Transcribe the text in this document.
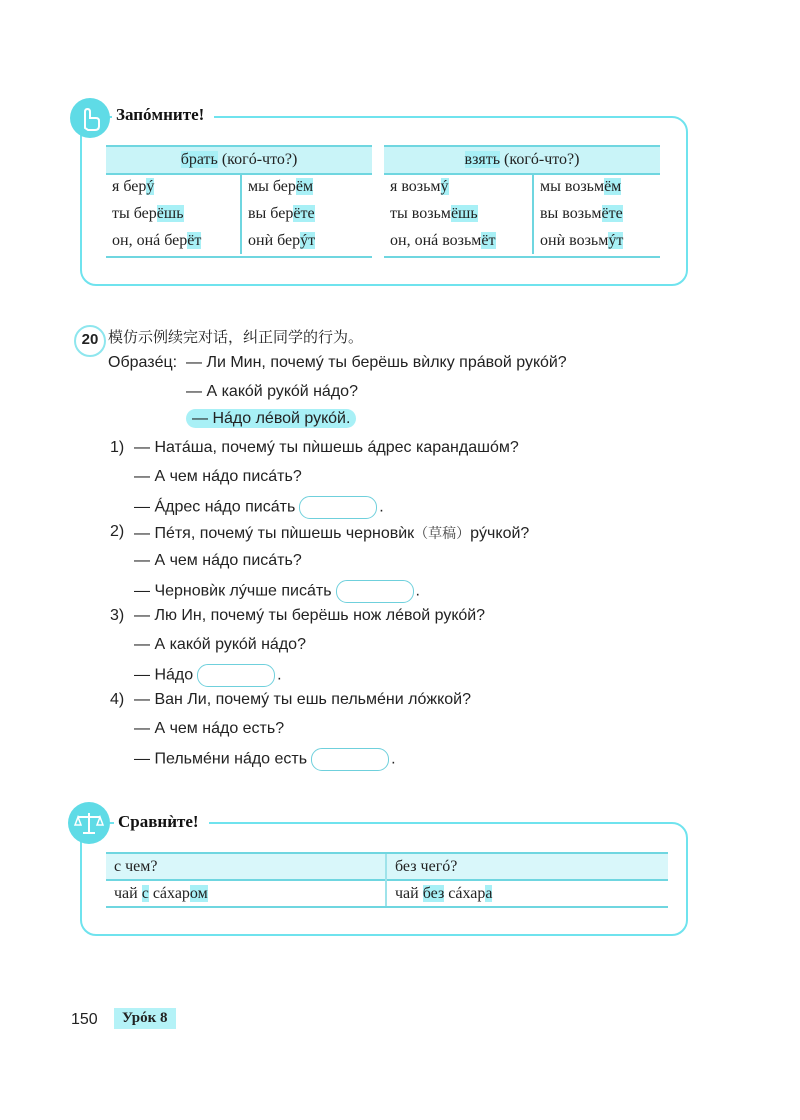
Запóмните!
брать (когó-что?)	
я берý	мы берём
ты берёшь	вы берёте
он, онá берёт	онѝ берýт
взять (когó-что?)	
я возьмý	мы возьмём
ты возьмёшь	вы возьмёте
он, онá возьмёт	онѝ возьмýт
20 模仿示例续完对话，纠正同学的行为。
Образéц: — Ли Мин, почемý ты берёшь вѝлку прáвой рукóй?
— А какóй рукóй нáдо?
— Нáдо лéвой рукóй.
1) — Натáша, почемý ты пѝшешь áдрес карандашóм?
— А чем нáдо писáть?
— Áдрес нáдо писáть	.
2) — Пéтя, почемý ты пѝшешь черновѝк（草稿）рýчкой?
— А чем нáдо писáть?
— Черновѝк лýчше писáть	.
3) — Лю Ин, почемý ты берёшь нож лéвой рукóй?
— А какóй рукóй нáдо?
— Нáдо	.
4) — Ван Ли, почемý ты ешь пельмéни лóжкой?
— А чем нáдо есть?
— Пельмéни нáдо есть	.
Сравнѝте!
с чем?	без чегó?
чай с сáхаром	чай без сáхара
150	Урóк 8
